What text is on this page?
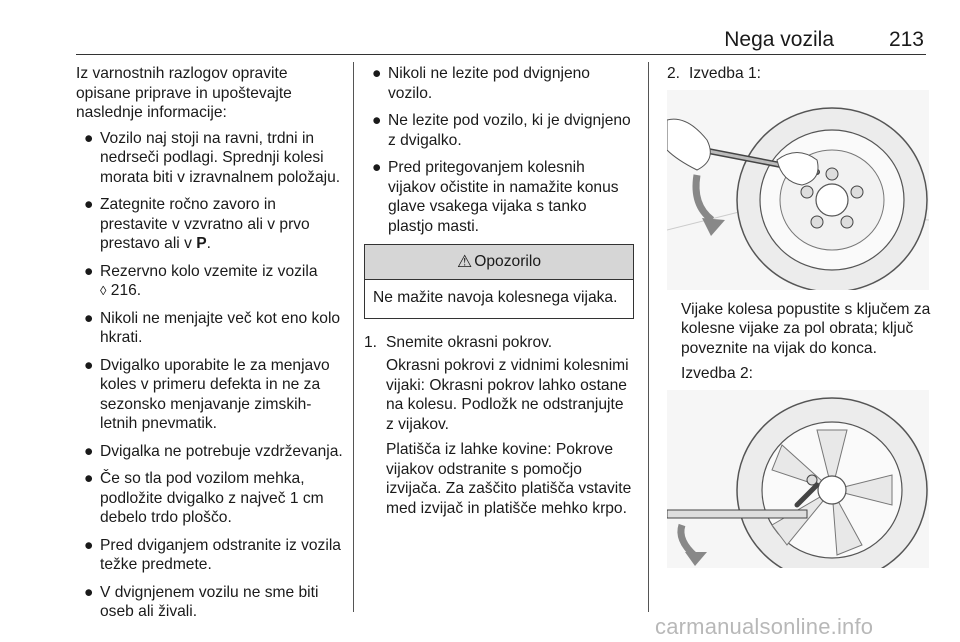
Nega vozila	213

Iz varnostnih razlogov opravite opisane priprave in upoštevajte naslednje informacije:

● Vozilo naj stoji na ravni, trdni in nedrseči podlagi. Sprednji kolesi morata biti v izravnalnem položaju.
● Zategnite ročno zavoro in prestavite v vzvratno ali v prvo prestavo ali v P.
● Rezervno kolo vzemite iz vozila
◊ 216.
● Nikoli ne menjajte več kot eno kolo hkrati.
● Dvigalko uporabite le za menjavo koles v primeru defekta in ne za sezonsko menjavanje zimskih-letnih pnevmatik.
● Dvigalka ne potrebuje vzdrževanja.
● Če so tla pod vozilom mehka, podložite dvigalko z največ 1 cm debelo trdo ploščo.
● Pred dviganjem odstranite iz vozila težke predmete.
● V dvignjenem vozilu ne sme biti oseb ali živali.
● Nikoli ne lezite pod dvignjeno vozilo.
● Ne lezite pod vozilo, ki je dvignjeno z dvigalko.
● Pred pritegovanjem kolesnih vijakov očistite in namažite konus glave vsakega vijaka s tanko plastjo masti.
⚠ Opozorilo
Ne mažite navoja kolesnega vijaka.
1. Snemite okrasni pokrov.
Okrasni pokrovi z vidnimi kolesnimi vijaki: Okrasni pokrov lahko ostane na kolesu. Podložk ne odstranjujte z vijakov.
Platišča iz lahke kovine: Pokrove vijakov odstranite s pomočjo izvijača. Za zaščito platišča vstavite med izvijač in platišče mehko krpo.
2. Izvedba 1:

Vijake kolesa popustite s ključem za kolesne vijake za pol obrata; ključ poveznite na vijak do konca.

Izvedba 2:

carmanualsonline.info
